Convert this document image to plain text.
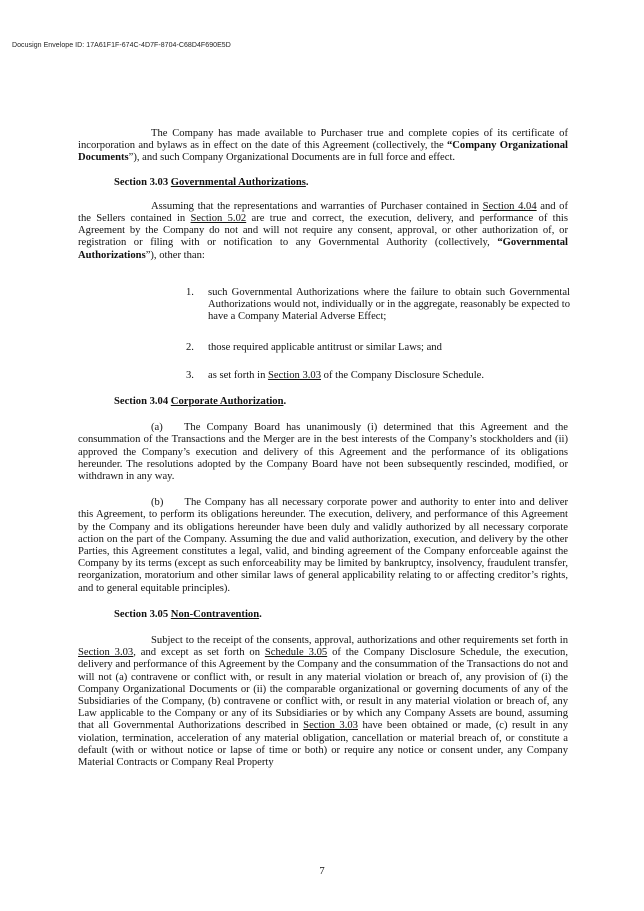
Docusign Envelope ID: 17A61F1F-674C-4D7F-8704-C68D4F690E5D

The Company has made available to Purchaser true and complete copies of its certificate of incorporation and bylaws as in effect on the date of this Agreement (collectively, the “Company Organizational Documents”), and such Company Organizational Documents are in full force and effect.

Section 3.03 Governmental Authorizations.

Assuming that the representations and warranties of Purchaser contained in Section 4.04 and of the Sellers contained in Section 5.02 are true and correct, the execution, delivery, and performance of this Agreement by the Company do not and will not require any consent, approval, or other authorization of, or registration or filing with or notification to any Governmental Authority (collectively, “Governmental Authorizations”), other than:

1.	such Governmental Authorizations where the failure to obtain such Governmental Authorizations would not, individually or in the aggregate, reasonably be expected to have a Company Material Adverse Effect;
2.	those required applicable antitrust or similar Laws; and
3.	as set forth in Section 3.03 of the Company Disclosure Schedule.

Section 3.04 Corporate Authorization.

(a)  The Company Board has unanimously (i) determined that this Agreement and the consummation of the Transactions and the Merger are in the best interests of the Company’s stockholders and (ii) approved the Company’s execution and delivery of this Agreement and the performance of its obligations hereunder. The resolutions adopted by the Company Board have not been subsequently rescinded, modified, or withdrawn in any way.

(b)  The Company has all necessary corporate power and authority to enter into and deliver this Agreement, to perform its obligations hereunder. The execution, delivery, and performance of this Agreement by the Company and its obligations hereunder have been duly and validly authorized by all necessary corporate action on the part of the Company. Assuming the due and valid authorization, execution, and delivery by the other Parties, this Agreement constitutes a legal, valid, and binding agreement of the Company enforceable against the Company by its terms (except as such enforceability may be limited by bankruptcy, insolvency, fraudulent transfer, reorganization, moratorium and other similar laws of general applicability relating to or affecting creditor’s rights, and to general equitable principles).

Section 3.05 Non-Contravention.

Subject to the receipt of the consents, approval, authorizations and other requirements set forth in Section 3.03, and except as set forth on Schedule 3.05 of the Company Disclosure Schedule, the execution, delivery and performance of this Agreement by the Company and the consummation of the Transactions do not and will not (a) contravene or conflict with, or result in any material violation or breach of, any provision of (i) the Company Organizational Documents or (ii) the comparable organizational or governing documents of any of the Subsidiaries of the Company, (b) contravene or conflict with, or result in any material violation or breach of, any Law applicable to the Company or any of its Subsidiaries or by which any Company Assets are bound, assuming that all Governmental Authorizations described in Section 3.03 have been obtained or made, (c) result in any violation, termination, acceleration of any material obligation, cancellation or material breach of, or constitute a default (with or without notice or lapse of time or both) or require any notice or consent under, any Company Material Contracts or Company Real Property

7
